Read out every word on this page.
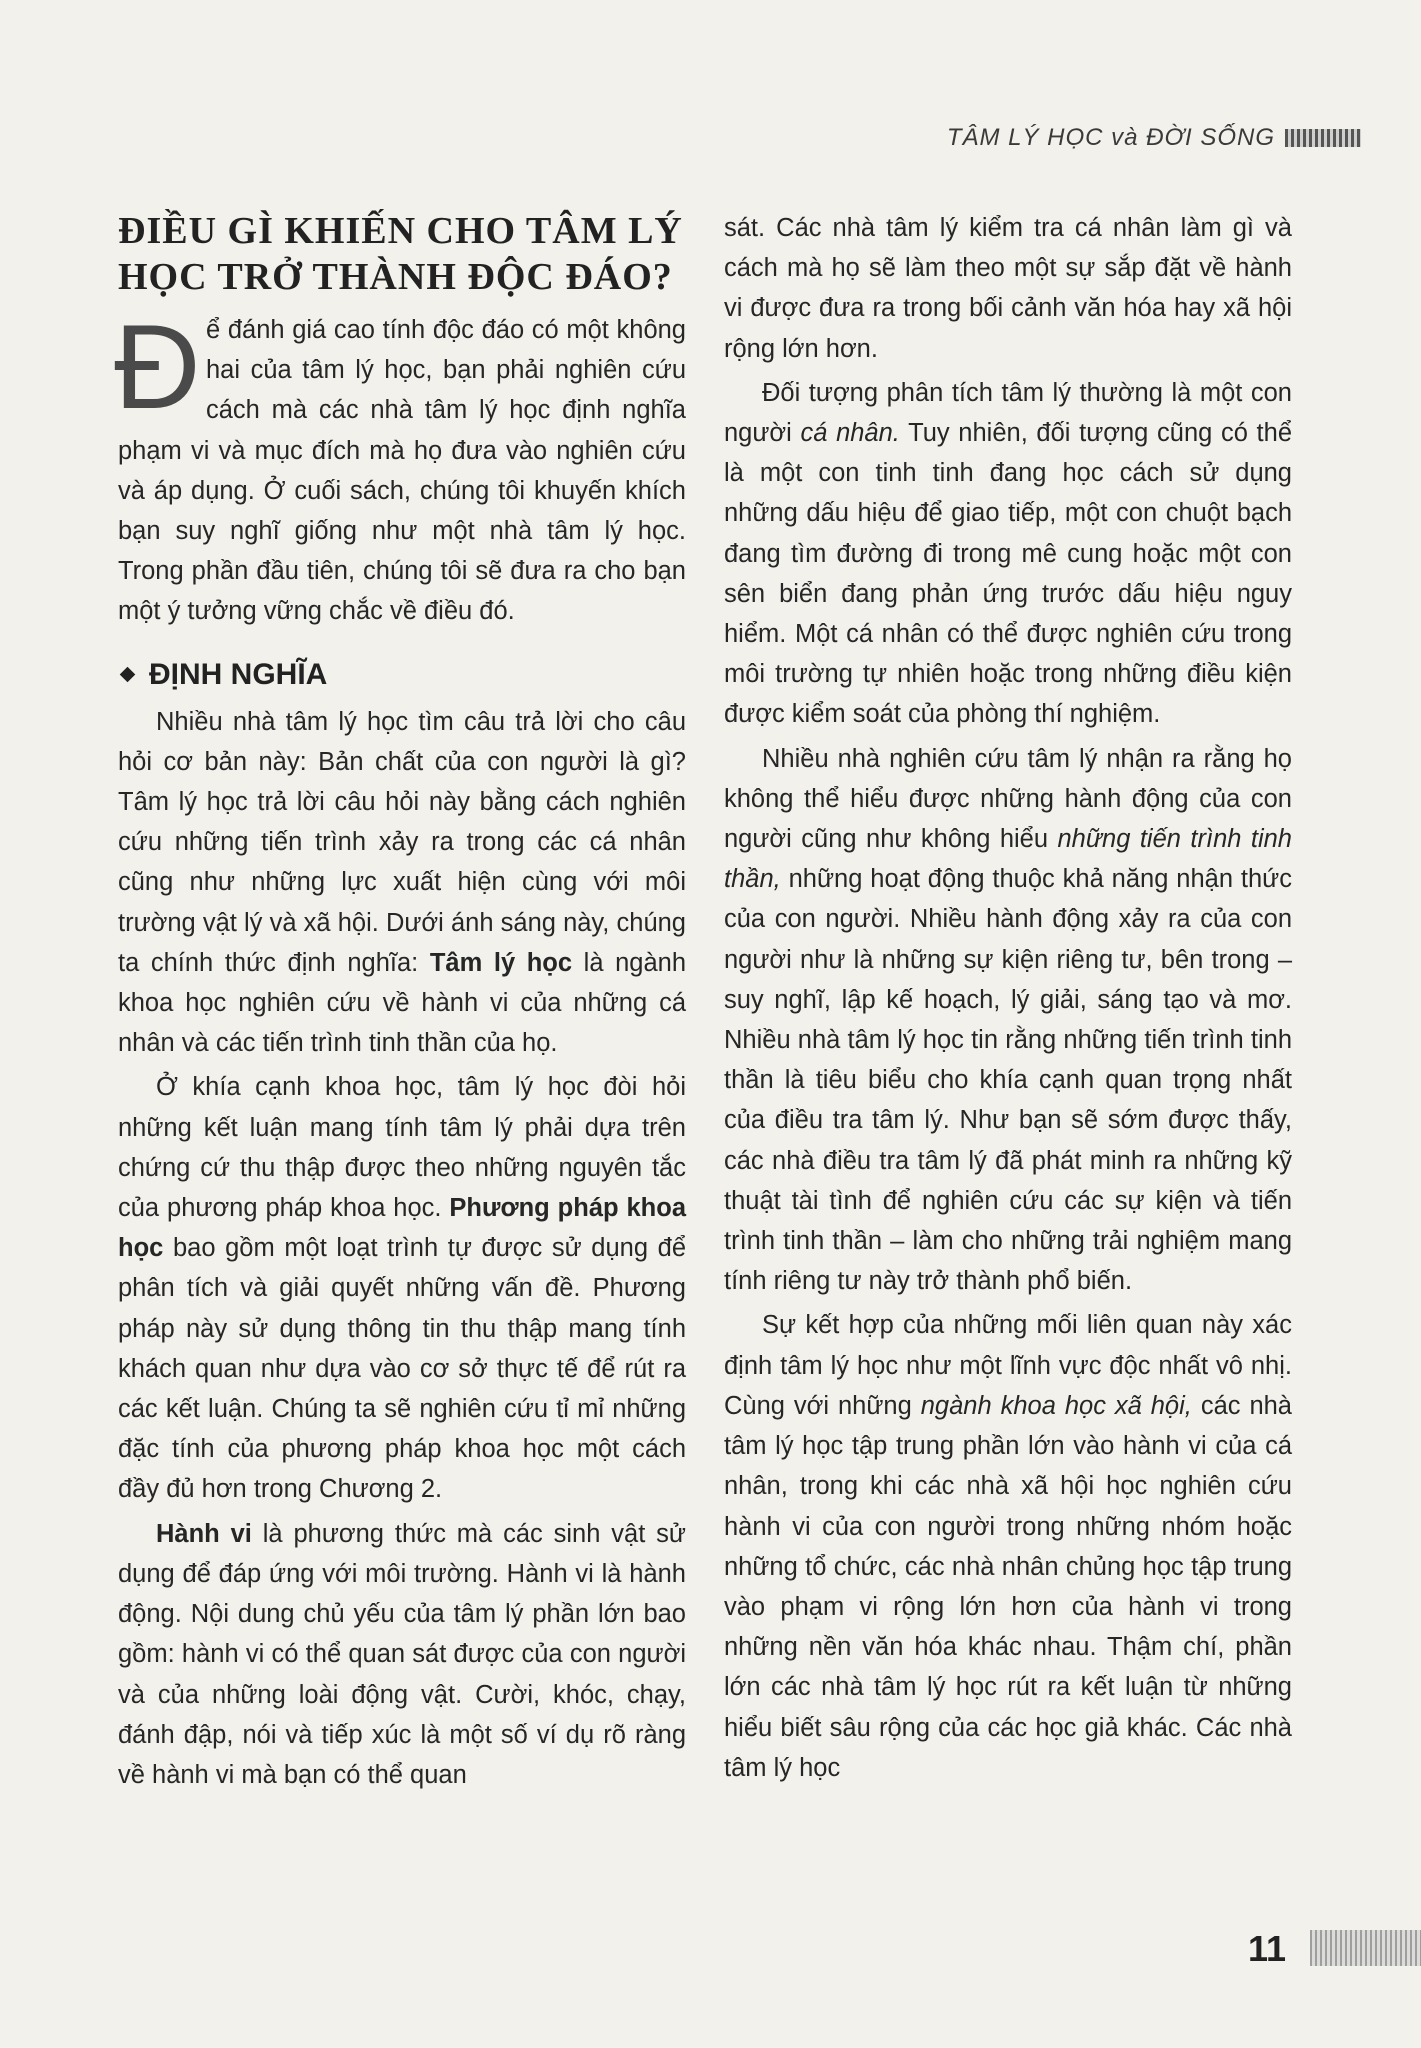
TÂM LÝ HỌC và ĐỜI SỐNG
ĐIỀU GÌ KHIẾN CHO TÂM LÝ
HỌC TRỞ THÀNH ĐỘC ĐÁO?

Để đánh giá cao tính độc đáo có một không hai của tâm lý học, bạn phải nghiên cứu cách mà các nhà tâm lý học định nghĩa phạm vi và mục đích mà họ đưa vào nghiên cứu và áp dụng. Ở cuối sách, chúng tôi khuyến khích bạn suy nghĩ giống như một nhà tâm lý học. Trong phần đầu tiên, chúng tôi sẽ đưa ra cho bạn một ý tưởng vững chắc về điều đó.

ĐỊNH NGHĨA

Nhiều nhà tâm lý học tìm câu trả lời cho câu hỏi cơ bản này: Bản chất của con người là gì? Tâm lý học trả lời câu hỏi này bằng cách nghiên cứu những tiến trình xảy ra trong các cá nhân cũng như những lực xuất hiện cùng với môi trường vật lý và xã hội. Dưới ánh sáng này, chúng ta chính thức định nghĩa: Tâm lý học là ngành khoa học nghiên cứu về hành vi của những cá nhân và các tiến trình tinh thần của họ.

Ở khía cạnh khoa học, tâm lý học đòi hỏi những kết luận mang tính tâm lý phải dựa trên chứng cứ thu thập được theo những nguyên tắc của phương pháp khoa học. Phương pháp khoa học bao gồm một loạt trình tự được sử dụng để phân tích và giải quyết những vấn đề. Phương pháp này sử dụng thông tin thu thập mang tính khách quan như dựa vào cơ sở thực tế để rút ra các kết luận. Chúng ta sẽ nghiên cứu tỉ mỉ những đặc tính của phương pháp khoa học một cách đầy đủ hơn trong Chương 2.

Hành vi là phương thức mà các sinh vật sử dụng để đáp ứng với môi trường. Hành vi là hành động. Nội dung chủ yếu của tâm lý phần lớn bao gồm: hành vi có thể quan sát được của con người và của những loài động vật. Cười, khóc, chạy, đánh đập, nói và tiếp xúc là một số ví dụ rõ ràng về hành vi mà bạn có thể quan

sát. Các nhà tâm lý kiểm tra cá nhân làm gì và cách mà họ sẽ làm theo một sự sắp đặt về hành vi được đưa ra trong bối cảnh văn hóa hay xã hội rộng lớn hơn.

Đối tượng phân tích tâm lý thường là một con người cá nhân. Tuy nhiên, đối tượng cũng có thể là một con tinh tinh đang học cách sử dụng những dấu hiệu để giao tiếp, một con chuột bạch đang tìm đường đi trong mê cung hoặc một con sên biển đang phản ứng trước dấu hiệu nguy hiểm. Một cá nhân có thể được nghiên cứu trong môi trường tự nhiên hoặc trong những điều kiện được kiểm soát của phòng thí nghiệm.

Nhiều nhà nghiên cứu tâm lý nhận ra rằng họ không thể hiểu được những hành động của con người cũng như không hiểu những tiến trình tinh thần, những hoạt động thuộc khả năng nhận thức của con người. Nhiều hành động xảy ra của con người như là những sự kiện riêng tư, bên trong – suy nghĩ, lập kế hoạch, lý giải, sáng tạo và mơ. Nhiều nhà tâm lý học tin rằng những tiến trình tinh thần là tiêu biểu cho khía cạnh quan trọng nhất của điều tra tâm lý. Như bạn sẽ sớm được thấy, các nhà điều tra tâm lý đã phát minh ra những kỹ thuật tài tình để nghiên cứu các sự kiện và tiến trình tinh thần – làm cho những trải nghiệm mang tính riêng tư này trở thành phổ biến.

Sự kết hợp của những mối liên quan này xác định tâm lý học như một lĩnh vực độc nhất vô nhị. Cùng với những ngành khoa học xã hội, các nhà tâm lý học tập trung phần lớn vào hành vi của cá nhân, trong khi các nhà xã hội học nghiên cứu hành vi của con người trong những nhóm hoặc những tổ chức, các nhà nhân chủng học tập trung vào phạm vi rộng lớn hơn của hành vi trong những nền văn hóa khác nhau. Thậm chí, phần lớn các nhà tâm lý học rút ra kết luận từ những hiểu biết sâu rộng của các học giả khác. Các nhà tâm lý học

11
